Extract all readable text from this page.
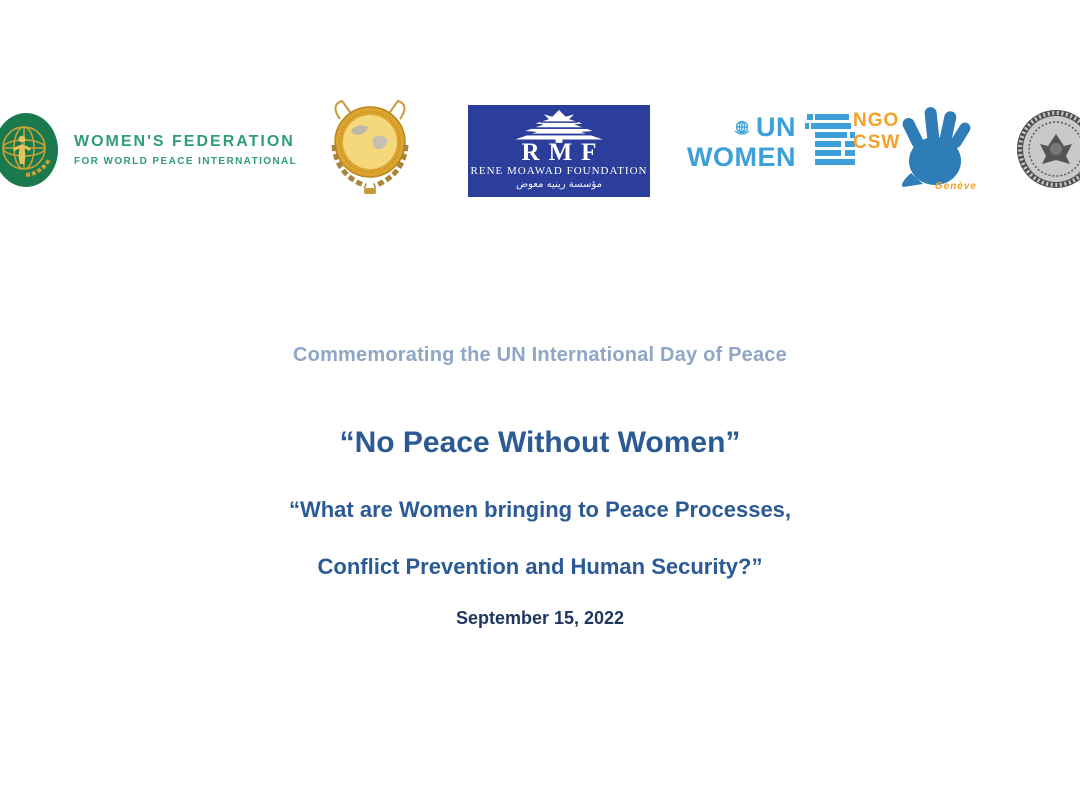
WOMEN'S FEDERATION
FOR WORLD PEACE INTERNATIONAL	RMF
RENE MOAWAD FOUNDATION
مؤسسة رينيه معوض
UN
WOMEN
NGO
CSW
Genève
Commemorating the UN International Day of Peace
“No Peace Without Women”
“What are Women bringing to Peace Processes,
Conflict Prevention and Human Security?”
September 15, 2022
